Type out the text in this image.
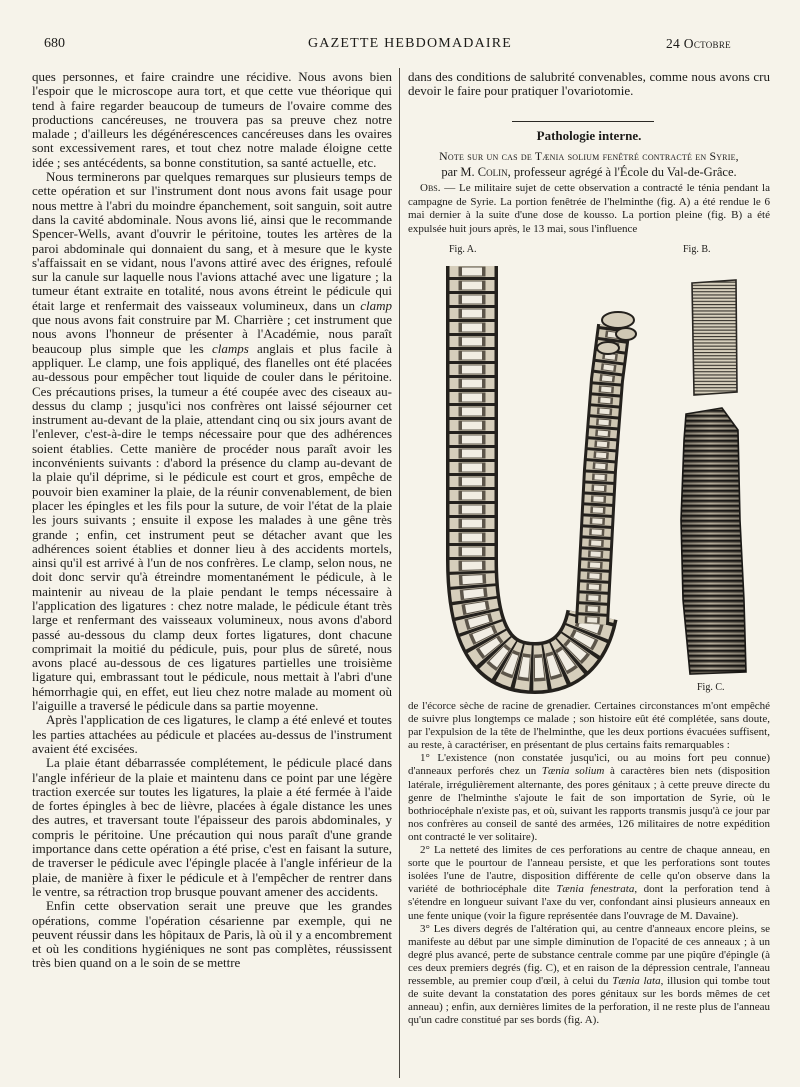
680	GAZETTE HEBDOMADAIRE	24 Octobre

ques personnes, et faire craindre une récidive. Nous avons bien l'espoir que le microscope aura tort, et que cette vue théorique qui tend à faire regarder beaucoup de tumeurs de l'ovaire comme des productions cancéreuses, ne trouvera pas sa preuve chez notre malade ; d'ailleurs les dégénérescences cancéreuses dans les ovaires sont excessivement rares, et tout chez notre malade éloigne cette idée ; ses antécédents, sa bonne constitution, sa santé actuelle, etc.

Nous terminerons par quelques remarques sur plusieurs temps de cette opération et sur l'instrument dont nous avons fait usage pour nous mettre à l'abri du moindre épanchement, soit sanguin, soit autre dans la cavité abdominale. Nous avons lié, ainsi que le recommande Spencer-Wells, avant d'ouvrir le péritoine, toutes les artères de la paroi abdominale qui donnaient du sang, et à mesure que le kyste s'affaissait en se vidant, nous l'avons attiré avec des érignes, refoulé sur la canule sur laquelle nous l'avions attaché avec une ligature ; la tumeur étant extraite en totalité, nous avons étreint le pédicule qui était large et renfermait des vaisseaux volumineux, dans un clamp que nous avons fait construire par M. Charrière ; cet instrument que nous avons l'honneur de présenter à l'Académie, nous paraît beaucoup plus simple que les clamps anglais et plus facile à appliquer. Le clamp, une fois appliqué, des flanelles ont été placées au-dessous pour empêcher tout liquide de couler dans le péritoine. Ces précautions prises, la tumeur a été coupée avec des ciseaux au-dessus du clamp ; jusqu'ici nos confrères ont laissé séjourner cet instrument au-devant de la plaie, attendant cinq ou six jours avant de l'enlever, c'est-à-dire le temps nécessaire pour que des adhérences soient établies. Cette manière de procéder nous paraît avoir les inconvénients suivants : d'abord la présence du clamp au-devant de la plaie qu'il déprime, si le pédicule est court et gros, empêche de pouvoir bien examiner la plaie, de la réunir convenablement, de bien placer les épingles et les fils pour la suture, de voir l'état de la plaie les jours suivants ; ensuite il expose les malades à une gêne très grande ; enfin, cet instrument peut se détacher avant que les adhérences soient établies et donner lieu à des accidents mortels, ainsi qu'il est arrivé à l'un de nos confrères. Le clamp, selon nous, ne doit donc servir qu'à étreindre momentanément le pédicule, à le maintenir au niveau de la plaie pendant le temps nécessaire à l'application des ligatures : chez notre malade, le pédicule étant très large et renfermant des vaisseaux volumineux, nous avons d'abord passé au-dessous du clamp deux fortes ligatures, dont chacune comprimait la moitié du pédicule, puis, pour plus de sûreté, nous avons placé au-dessous de ces ligatures partielles une troisième ligature qui, embrassant tout le pédicule, nous mettait à l'abri d'une hémorrhagie qui, en effet, eut lieu chez notre malade au moment où l'aiguille a traversé le pédicule dans sa partie moyenne.

Après l'application de ces ligatures, le clamp a été enlevé et toutes les parties attachées au pédicule et placées au-dessus de l'instrument avaient été excisées.

La plaie étant débarrassée complétement, le pédicule placé dans l'angle inférieur de la plaie et maintenu dans ce point par une légère traction exercée sur toutes les ligatures, la plaie a été fermée à l'aide de fortes épingles à bec de lièvre, placées à égale distance les unes des autres, et traversant toute l'épaisseur des parois abdominales, y compris le péritoine. Une précaution qui nous paraît d'une grande importance dans cette opération a été prise, c'est en faisant la suture, de traverser le pédicule avec l'épingle placée à l'angle inférieur de la plaie, de manière à fixer le pédicule et à l'empêcher de rentrer dans le ventre, sa rétraction trop brusque pouvant amener des accidents.

Enfin cette observation serait une preuve que les grandes opérations, comme l'opération césarienne par exemple, qui ne peuvent réussir dans les hôpitaux de Paris, là où il y a encombrement et où les conditions hygiéniques ne sont pas complètes, réussissent très bien quand on a le soin de se mettre

dans des conditions de salubrité convenables, comme nous avons cru devoir le faire pour pratiquer l'ovariotomie.
Pathologie interne.
Note sur un cas de Tænia solium fenêtré contracté en Syrie,
par M. Colin, professeur agrégé à l'École du Val-de-Grâce.
Obs. — Le militaire sujet de cette observation a contracté le ténia pendant la campagne de Syrie. La portion fenêtrée de l'helminthe (fig. A) a été rendue le 6 mai dernier à la suite d'une dose de kousso. La portion pleine (fig. B) a été expulsée huit jours après, le 13 mai, sous l'influence
Fig. A.	Fig. B.
Fig. C.

de l'écorce sèche de racine de grenadier. Certaines circonstances m'ont empêché de suivre plus longtemps ce malade ; son histoire eût été complétée, sans doute, par l'expulsion de la tête de l'helminthe, que les deux portions évacuées suffisent, au reste, à caractériser, en présentant de plus certains faits remarquables :

1° L'existence (non constatée jusqu'ici, ou au moins fort peu connue) d'anneaux perforés chez un Tænia solium à caractères bien nets (disposition latérale, irrégulièrement alternante, des pores génitaux ; à cette preuve directe du genre de l'helminthe s'ajoute le fait de son importation de Syrie, où le bothriocéphale n'existe pas, et où, suivant les rapports transmis jusqu'à ce jour par nos confrères au conseil de santé des armées, 126 militaires de notre expédition ont contracté le ver solitaire).

2° La netteté des limites de ces perforations au centre de chaque anneau, en sorte que le pourtour de l'anneau persiste, et que les perforations sont toutes isolées l'une de l'autre, disposition différente de celle qu'on observe dans la variété de bothriocéphale dite Tænia fenestrata, dont la perforation tend à s'étendre en longueur suivant l'axe du ver, confondant ainsi plusieurs anneaux en une fente unique (voir la figure représentée dans l'ouvrage de M. Davaine).

3° Les divers degrés de l'altération qui, au centre d'anneaux encore pleins, se manifeste au début par une simple diminution de l'opacité de ces anneaux ; à un degré plus avancé, perte de substance centrale comme par une piqûre d'épingle (à ces deux premiers degrés (fig. C), et en raison de la dépression centrale, l'anneau ressemble, au premier coup d'œil, à celui du Tænia lata, illusion qui tombe tout de suite devant la constatation des pores génitaux sur les bords mêmes de cet anneau) ; enfin, aux dernières limites de la perforation, il ne reste plus de l'anneau qu'un cadre constitué par ses bords (fig. A).
